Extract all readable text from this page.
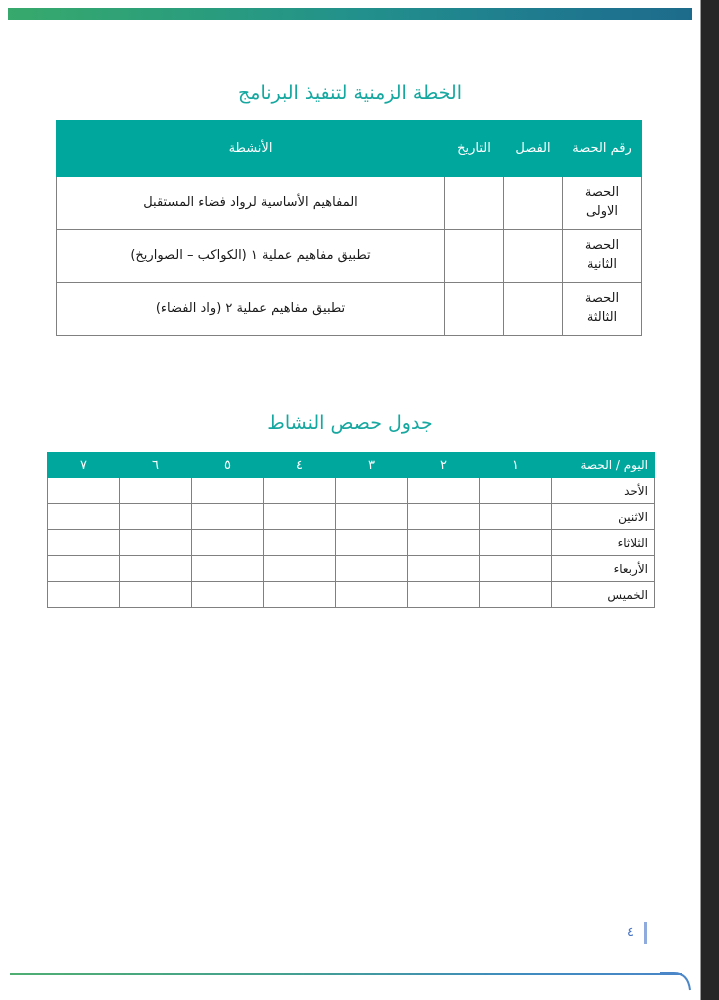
الخطة الزمنية لتنفيذ البرنامج
رقم الحصة	الفصل	التاريخ	الأنشطة
الحصة الاولى			المفاهيم الأساسية لرواد فضاء المستقبل
الحصة الثانية			تطبيق مفاهيم عملية ١ (الكواكب – الصواريخ)
الحصة الثالثة			تطبيق مفاهيم عملية ٢ (واد الفضاء)
جدول حصص النشاط
اليوم / الحصة	١	٢	٣	٤	٥	٦	٧
الأحد							
الاثنين							
الثلاثاء							
الأربعاء							
الخميس							
٤
